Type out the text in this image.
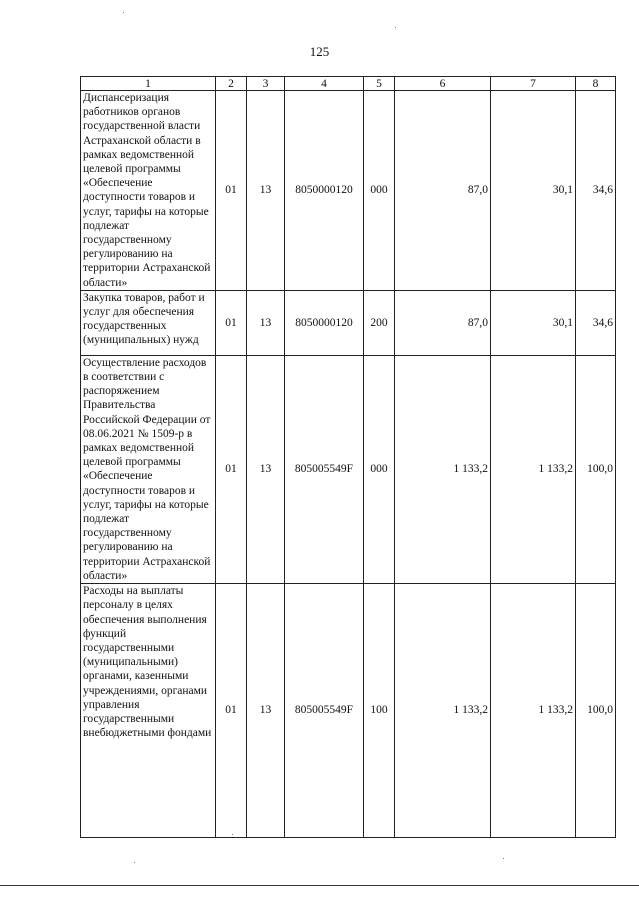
125
1	2	3	4	5	6	7	8
Диспансеризация работников органов государственной власти Астраханской области в рамках ведомственной целевой программы «Обеспечение доступности товаров и услуг, тарифы на которые подлежат государственному регулированию на территории Астраханской области»	01	13	8050000120	000	87,0	30,1	34,6
Закупка товаров, работ и услуг для обеспечения государственных (муниципальных) нужд	01	13	8050000120	200	87,0	30,1	34,6
Осуществление расходов в соответствии с распоряжением Правительства Российской Федерации от 08.06.2021 № 1509-р в рамках ведомственной целевой программы «Обеспечение доступности товаров и услуг, тарифы на которые подлежат государственному регулированию на территории Астраханской области»	01	13	805005549F	000	1 133,2	1 133,2	100,0
Расходы на выплаты персоналу в целях обеспечения выполнения функций государственными (муниципальными) органами, казенными учреждениями, органами управления государственными внебюджетными фондами	01	13	805005549F	100	1 133,2	1 133,2	100,0
